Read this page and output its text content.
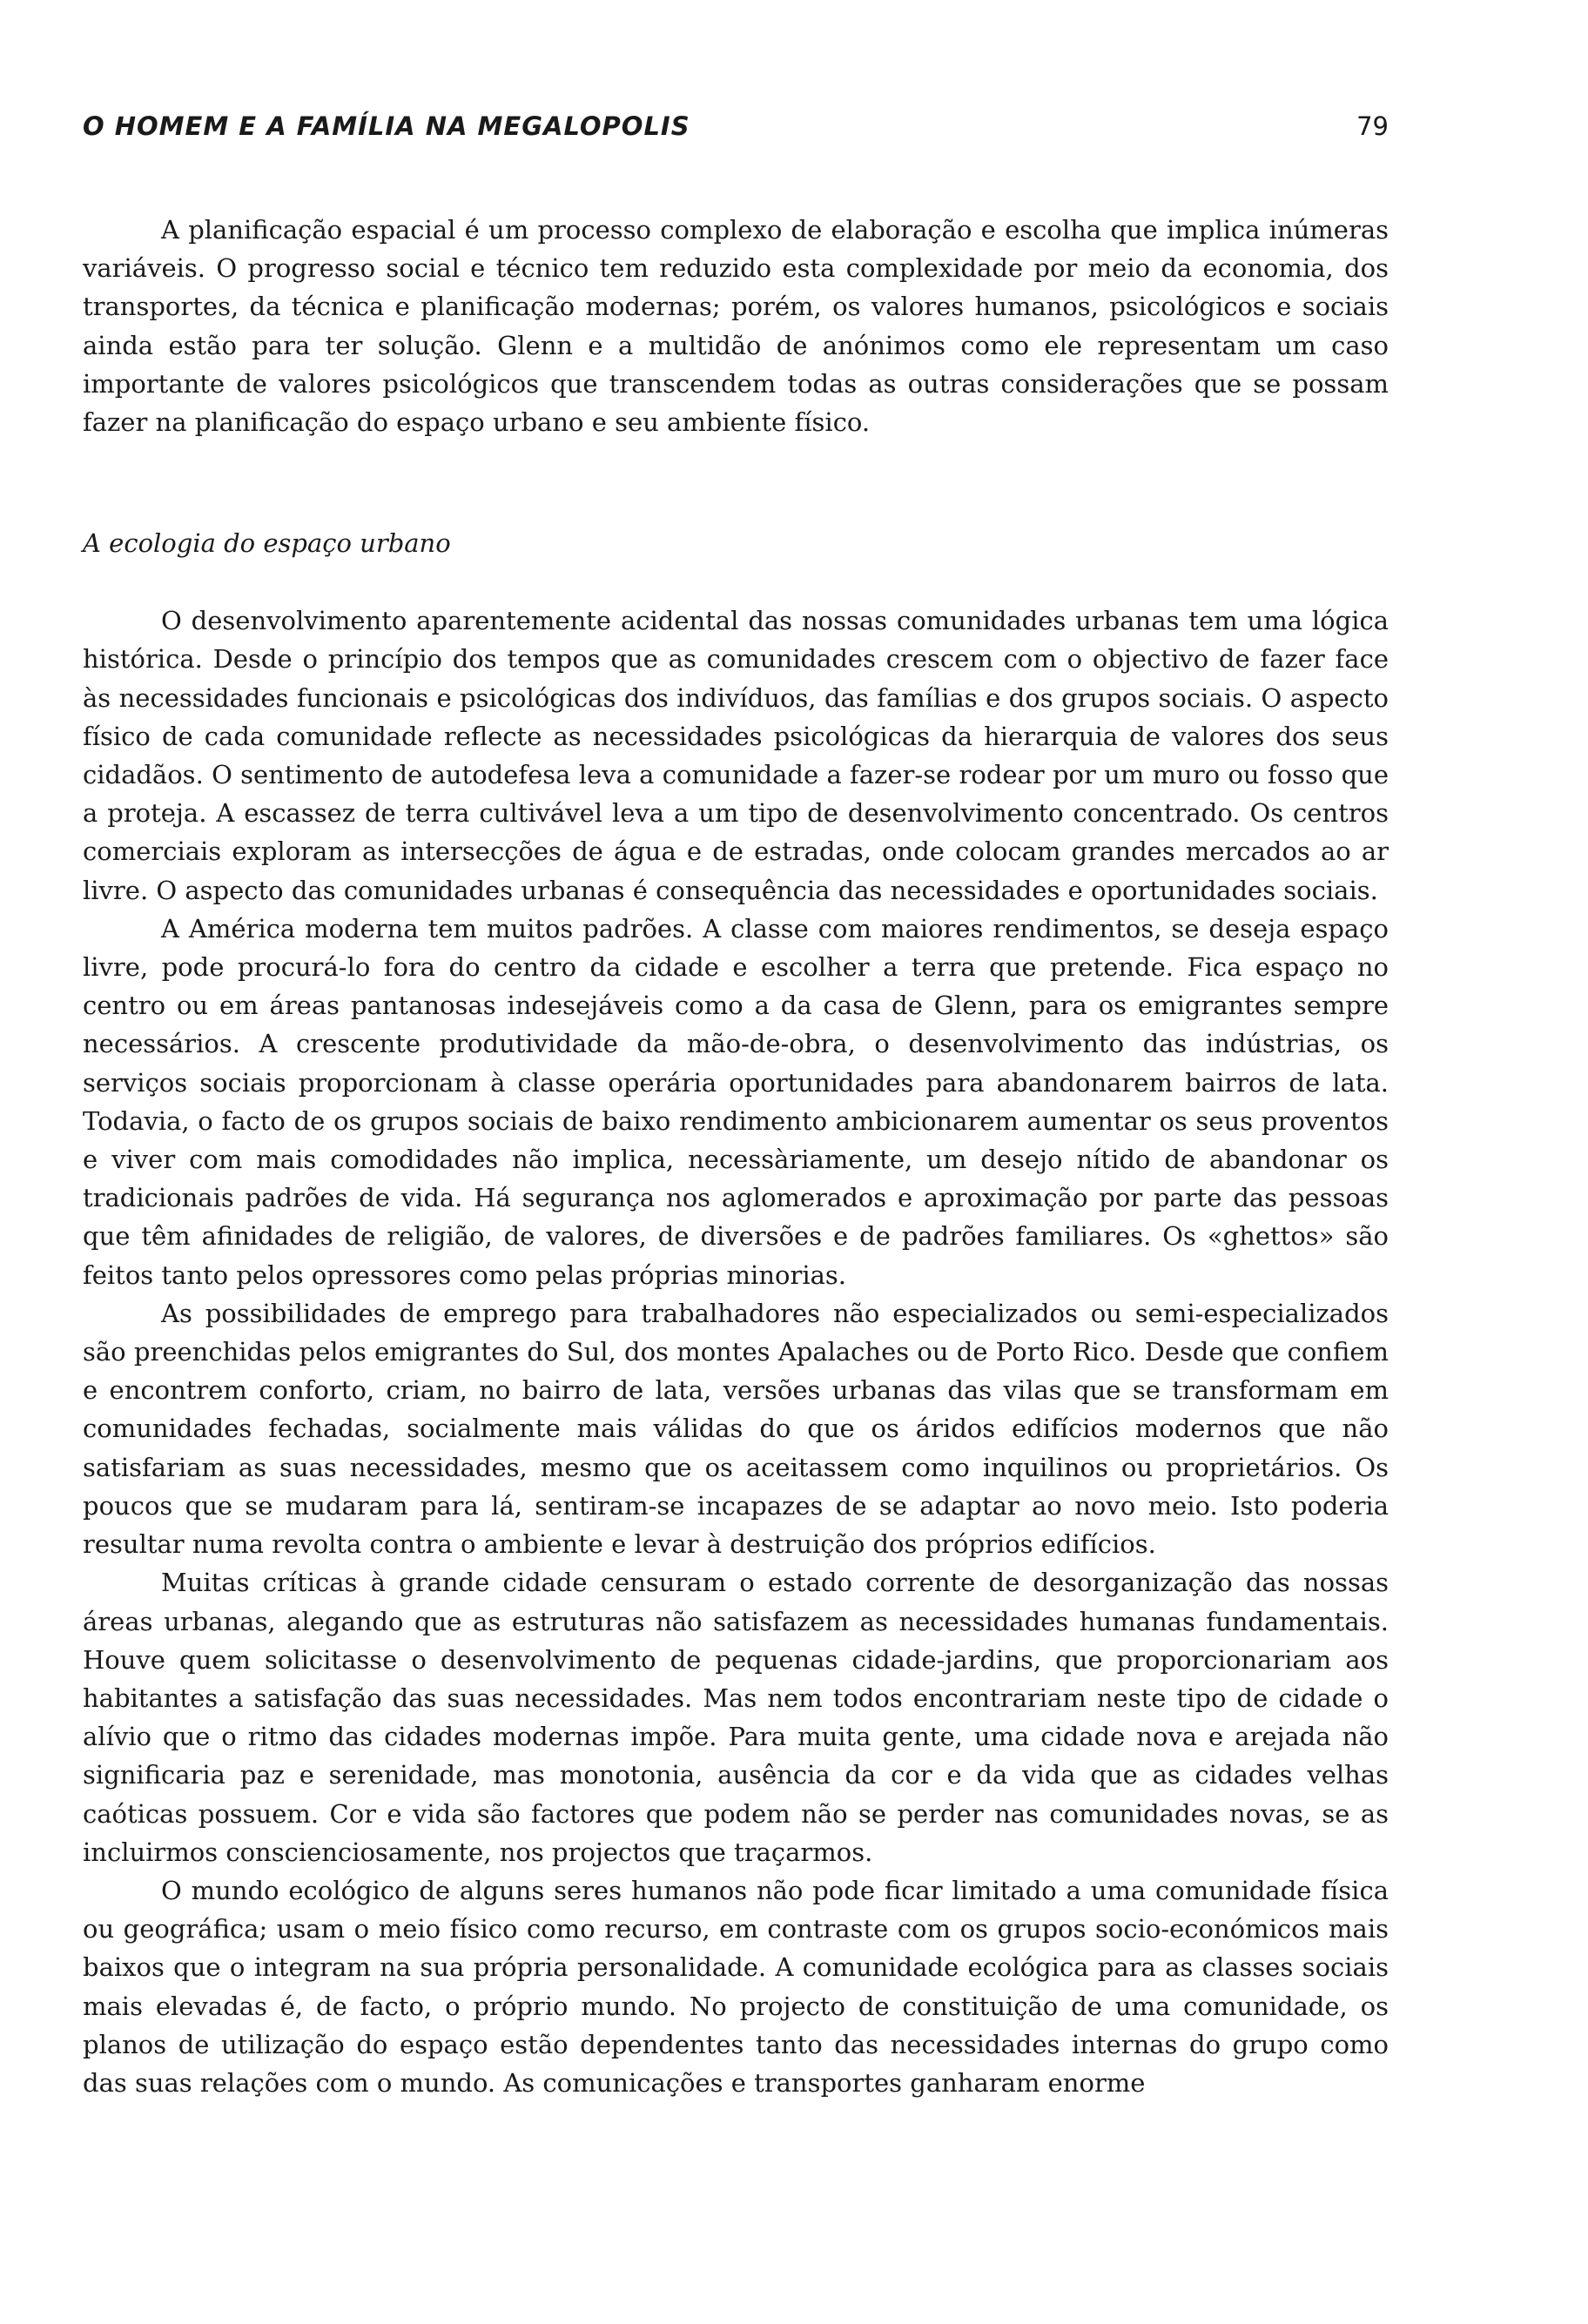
O HOMEM E A FAMÍLIA NA MEGALOPOLIS	79

A planificação espacial é um processo complexo de elaboração e escolha que implica inúmeras variáveis. O progresso social e técnico tem reduzido esta complexidade por meio da economia, dos transportes, da técnica e planificação modernas; porém, os valores humanos, psicológicos e sociais ainda estão para ter solução. Glenn e a multidão de anónimos como ele representam um caso importante de valores psicológicos que transcendem todas as outras considerações que se possam fazer na planificação do espaço urbano e seu ambiente físico.

A ecologia do espaço urbano

O desenvolvimento aparentemente acidental das nossas comunidades urbanas tem uma lógica histórica. Desde o princípio dos tempos que as comunidades crescem com o objectivo de fazer face às necessidades funcionais e psicológicas dos indivíduos, das famílias e dos grupos sociais. O aspecto físico de cada comunidade reflecte as necessidades psicológicas da hierarquia de valores dos seus cidadãos. O sentimento de autodefesa leva a comunidade a fazer-se rodear por um muro ou fosso que a proteja. A escassez de terra cultivável leva a um tipo de desenvolvimento concentrado. Os centros comerciais exploram as intersecções de água e de estradas, onde colocam grandes mercados ao ar livre. O aspecto das comunidades urbanas é consequência das necessidades e oportunidades sociais.

A América moderna tem muitos padrões. A classe com maiores rendimentos, se deseja espaço livre, pode procurá-lo fora do centro da cidade e escolher a terra que pretende. Fica espaço no centro ou em áreas pantanosas indesejáveis como a da casa de Glenn, para os emigrantes sempre necessários. A crescente produtividade da mão-de-obra, o desenvolvimento das indústrias, os serviços sociais proporcionam à classe operária oportunidades para abandonarem bairros de lata. Todavia, o facto de os grupos sociais de baixo rendimento ambicionarem aumentar os seus proventos e viver com mais comodidades não implica, necessàriamente, um desejo nítido de abandonar os tradicionais padrões de vida. Há segurança nos aglomerados e aproximação por parte das pessoas que têm afinidades de religião, de valores, de diversões e de padrões familiares. Os «ghettos» são feitos tanto pelos opressores como pelas próprias minorias.

As possibilidades de emprego para trabalhadores não especializados ou semi-especializados são preenchidas pelos emigrantes do Sul, dos montes Apalaches ou de Porto Rico. Desde que confiem e encontrem conforto, criam, no bairro de lata, versões urbanas das vilas que se transformam em comunidades fechadas, socialmente mais válidas do que os áridos edifícios modernos que não satisfariam as suas necessidades, mesmo que os aceitassem como inquilinos ou proprietários. Os poucos que se mudaram para lá, sentiram-se incapazes de se adaptar ao novo meio. Isto poderia resultar numa revolta contra o ambiente e levar à destruição dos próprios edifícios.

Muitas críticas à grande cidade censuram o estado corrente de desorganização das nossas áreas urbanas, alegando que as estruturas não satisfazem as necessidades humanas fundamentais. Houve quem solicitasse o desenvolvimento de pequenas cidade-jardins, que proporcionariam aos habitantes a satisfação das suas necessidades. Mas nem todos encontrariam neste tipo de cidade o alívio que o ritmo das cidades modernas impõe. Para muita gente, uma cidade nova e arejada não significaria paz e serenidade, mas monotonia, ausência da cor e da vida que as cidades velhas caóticas possuem. Cor e vida são factores que podem não se perder nas comunidades novas, se as incluirmos conscienciosamente, nos projectos que traçarmos.

O mundo ecológico de alguns seres humanos não pode ficar limitado a uma comunidade física ou geográfica; usam o meio físico como recurso, em contraste com os grupos socio-económicos mais baixos que o integram na sua própria personalidade. A comunidade ecológica para as classes sociais mais elevadas é, de facto, o próprio mundo. No projecto de constituição de uma comunidade, os planos de utilização do espaço estão dependentes tanto das necessidades internas do grupo como das suas relações com o mundo. As comunicações e transportes ganharam enorme
